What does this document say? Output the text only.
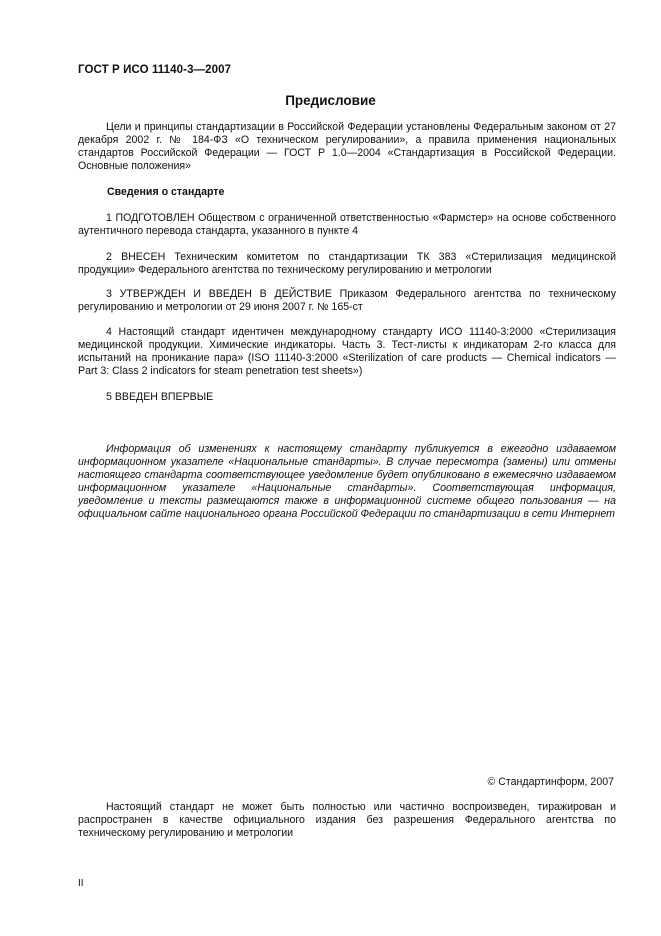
ГОСТ Р ИСО 11140-3—2007
Предисловие

Цели и принципы стандартизации в Российской Федерации установлены Федеральным законом от 27 декабря 2002 г. № 184-ФЗ «О техническом регулировании», а правила применения национальных стандартов Российской Федерации — ГОСТ Р 1.0—2004 «Стандартизация в Российской Федерации. Основные положения»

Сведения о стандарте

1 ПОДГОТОВЛЕН Обществом с ограниченной ответственностью «Фармстер» на основе собственного аутентичного перевода стандарта, указанного в пункте 4

2 ВНЕСЕН Техническим комитетом по стандартизации ТК 383 «Стерилизация медицинской продукции» Федерального агентства по техническому регулированию и метрологии

3 УТВЕРЖДЕН И ВВЕДЕН В ДЕЙСТВИЕ Приказом Федерального агентства по техническому регулированию и метрологии от 29 июня 2007 г. № 165-ст

4 Настоящий стандарт идентичен международному стандарту ИСО 11140-3:2000 «Стерилизация медицинской продукции. Химические индикаторы. Часть 3. Тест-листы к индикаторам 2-го класса для испытаний на проникание пара» (ISO 11140-3:2000 «Sterilization of care products — Chemical indicators — Part 3: Class 2 indicators for steam penetration test sheets»)

5 ВВЕДЕН ВПЕРВЫЕ

Информация об изменениях к настоящему стандарту публикуется в ежегодно издаваемом информационном указателе «Национальные стандарты». В случае пересмотра (замены) или отмены настоящего стандарта соответствующее уведомление будет опубликовано в ежемесячно издаваемом информационном указателе «Национальные стандарты». Соответствующая информация, уведомление и тексты размещаются также в информационной системе общего пользования — на официальном сайте национального органа Российской Федерации по стандартизации в сети Интернет

© Стандартинформ, 2007

Настоящий стандарт не может быть полностью или частично воспроизведен, тиражирован и распространен в качестве официального издания без разрешения Федерального агентства по техническому регулированию и метрологии

II
